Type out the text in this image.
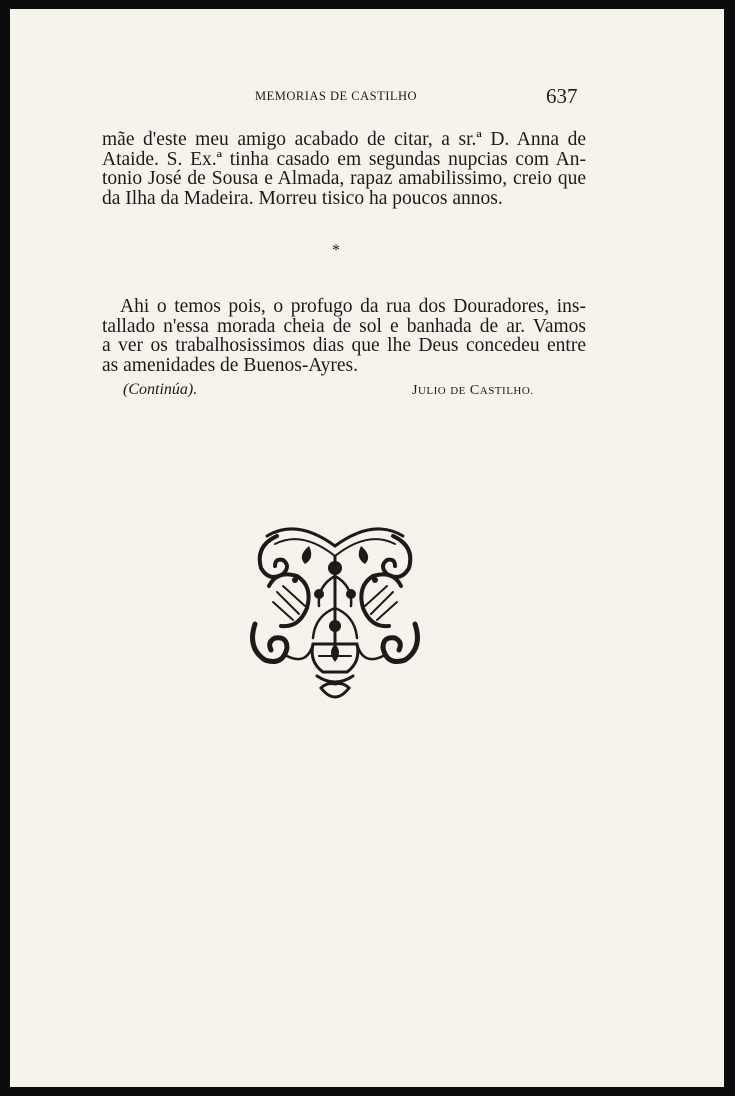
MEMORIAS DE CASTILHO	637
mãe d'este meu amigo acabado de citar, a sr.ª D. Anna de
Ataide. S. Ex.ª tinha casado em segundas nupcias com An-
tonio José de Sousa e Almada, rapaz amabilissimo, creio que
da Ilha da Madeira. Morreu tisico ha poucos annos.
*
Ahi o temos pois, o profugo da rua dos Douradores, ins-
tallado n'essa morada cheia de sol e banhada de ar. Vamos
a ver os trabalhosissimos dias que lhe Deus concedeu entre
as amenidades de Buenos-Ayres.
(Continúa).	JULIO DE CASTILHO.
